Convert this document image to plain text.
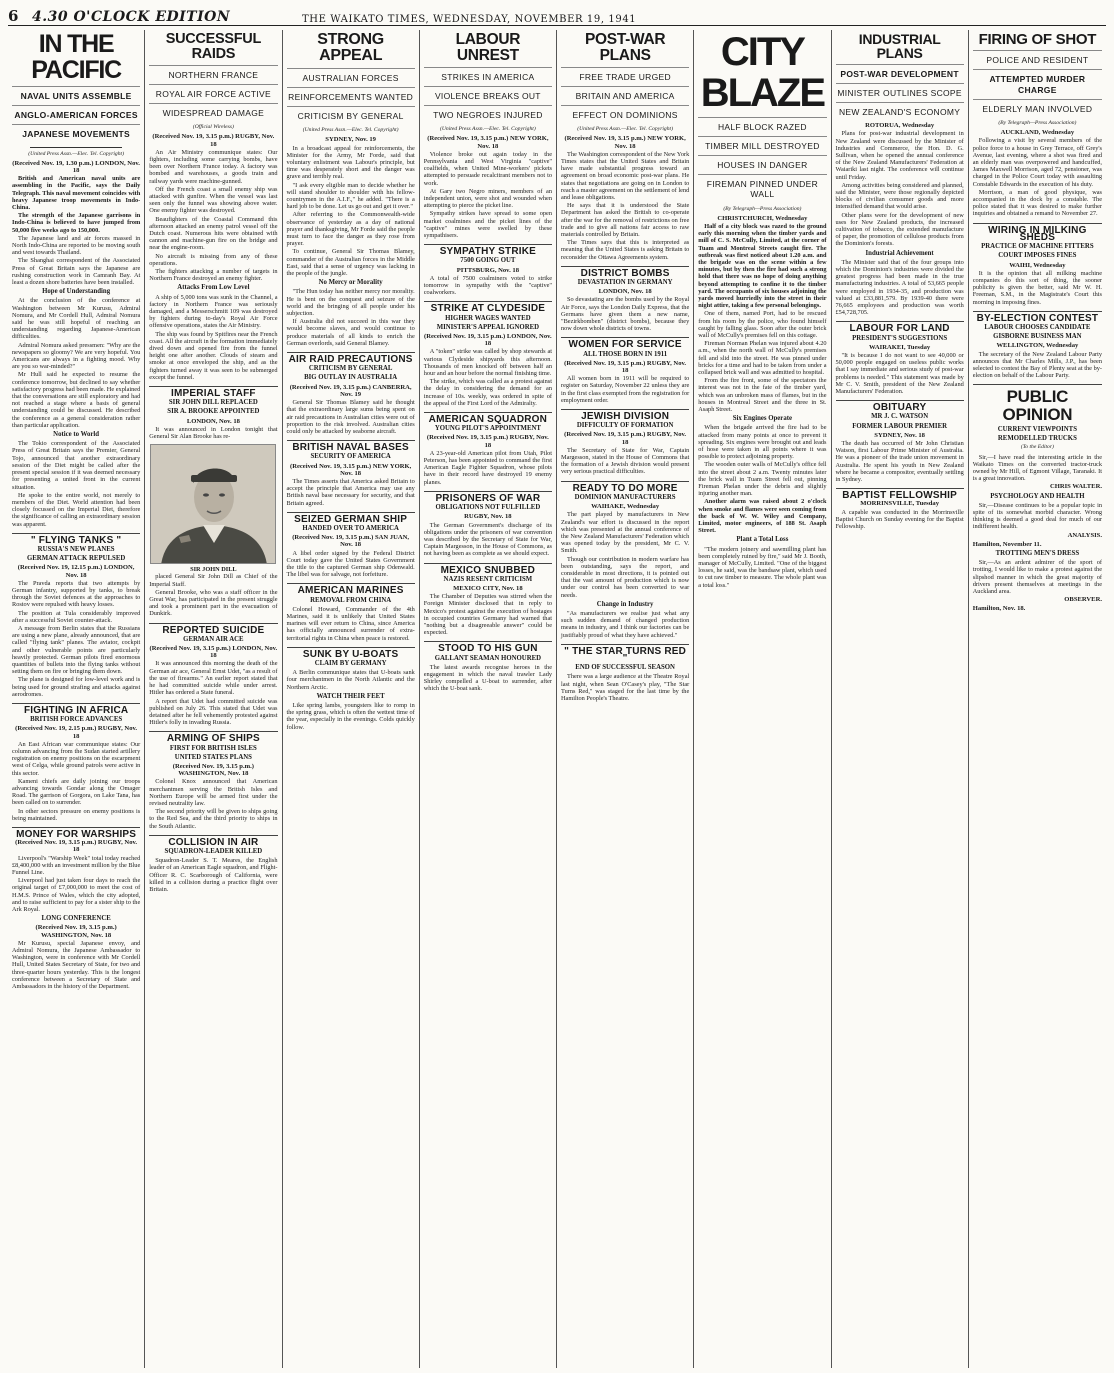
6 4.30 O'CLOCK EDITION	THE WAIKATO TIMES, WEDNESDAY, NOVEMBER 19, 1941
IN THE PACIFIC
NAVAL UNITS ASSEMBLE
ANGLO-AMERICAN FORCES
JAPANESE MOVEMENTS
(United Press Assn.—Elec. Tel. Copyright)
(Received Nov. 19, 1.30 p.m.) LONDON, Nov. 18
British and American naval units are assembling in the Pacific, says the Daily Telegraph. This naval movement coincides with heavy Japanese troop movements in Indo-China.
The strength of the Japanese garrisons in Indo-China is believed to have jumped from 50,000 five weeks ago to 150,000.
The Japanese land and air forces massed in North Indo-China are reported to be moving south and west towards Thailand.
The Shanghai correspondent of the Associated Press of Great Britain says the Japanese are rushing construction work in Camranh Bay. At least a dozen shore batteries have been installed.
Hope of Understanding
At the conclusion of the conference at Washington between Mr Kurusu, Admiral Nomura, and Mr Cordell Hull, Admiral Nomura said he was still hopeful of reaching an understanding regarding Japanese-American difficulties.
Admiral Nomura asked pressmen: "Why are the newspapers so gloomy? We are very hopeful. You Americans are always in a fighting mood. Why are you so war-minded?"
Mr Hull said he expected to resume the conference tomorrow, but declined to say whether satisfactory progress had been made. He explained that the conversations are still exploratory and had not reached a stage where a basis of general understanding could be discussed. He described the conference as a general consideration rather than particular application.
Notice to World
The Tokio correspondent of the Associated Press of Great Britain says the Premier, General Tojo, announced that another extraordinary session of the Diet might be called after the present special session if it was deemed necessary for presenting a united front in the current situation.
He spoke to the entire world, not merely to members of the Diet. World attention had been closely focussed on the Imperial Diet, therefore the significance of calling an extraordinary session was apparent.
" FLYING TANKS "
RUSSIA'S NEW PLANES
GERMAN ATTACK REPULSED
(Received Nov. 19, 12.15 p.m.) LONDON, Nov. 18
The Pravda reports that two attempts by German infantry, supported by tanks, to break through the Soviet defences at the approaches to Rostov were repulsed with heavy losses.
The position at Tula considerably improved after a successful Soviet counter-attack.
A message from Berlin states that the Russians are using a new plane, already announced, that are called "flying tank" planes. The aviator, cockpit and other vulnerable points are particularly heavily protected. German pilots fired enormous quantities of bullets into the flying tanks without setting them on fire or bringing them down.
The plane is designed for low-level work and is being used for ground strafing and attacks against aerodromes.
FIGHTING IN AFRICA
BRITISH FORCE ADVANCES
(Received Nov. 19, 2.15 p.m.) RUGBY, Nov. 18
An East African war communique states: Our column advancing from the Sudan started artillery registration on enemy positions on the escarpment west of Celga, while ground patrols were active in this sector.
Kameni chiefs are daily joining our troops advancing towards Gondar along the Omager Road. The garrison of Gorgora, on Lake Tana, has been called on to surrender.
In other sectors pressure on enemy positions is being maintained.
MONEY FOR WARSHIPS
(Received Nov. 19, 3.15 p.m.) RUGBY, Nov. 18
Liverpool's "Warship Week" total today reached £8,400,000 with an investment million by the Blue Funnel Line.
Liverpool had just taken four days to reach the original target of £7,000,000 to meet the cost of H.M.S. Prince of Wales, which the city adopted, and to raise sufficient to pay for a sister ship to the Ark Royal.
LONG CONFERENCE
(Received Nov. 19, 3.15 p.m.) WASHINGTON, Nov. 18
Mr Kurusu, special Japanese envoy, and Admiral Nomura, the Japanese Ambassador to Washington, were in conference with Mr Cordell Hull, United States Secretary of State, for two and three-quarter hours yesterday. This is the longest conference between a Secretary of State and Ambassadors in the history of the Department.
SUCCESSFUL RAIDS
NORTHERN FRANCE
ROYAL AIR FORCE ACTIVE
WIDESPREAD DAMAGE
(Official Wireless)
(Received Nov. 19, 3.15 p.m.) RUGBY, Nov. 18
An Air Ministry communique states: Our fighters, including some carrying bombs, have been over Northern France today. A factory was bombed and warehouses, a goods train and railway yards were machine-gunned.
Off the French coast a small enemy ship was attacked with gunfire. When the vessel was last seen only the funnel was showing above water. One enemy fighter was destroyed.
Beaufighters of the Coastal Command this afternoon attacked an enemy patrol vessel off the Dutch coast. Numerous hits were obtained with cannon and machine-gun fire on the bridge and near the engine-room.
No aircraft is missing from any of these operations.
The fighters attacking a number of targets in Northern France destroyed an enemy fighter.
Attacks From Low Level
A ship of 5,000 tons was sunk in the Channel, a factory in Northern France was seriously damaged, and a Messerschmitt 109 was destroyed by fighters during to-day's Royal Air Force offensive operations, states the Air Ministry.
The ship was found by Spitfires near the French coast. All the aircraft in the formation immediately dived down and opened fire from the funnel height one after another. Clouds of steam and smoke at once enveloped the ship, and as the fighters turned away it was seen to be submerged except the funnel.
IMPERIAL STAFF
SIR JOHN DILL REPLACED
SIR A. BROOKE APPOINTED
LONDON, Nov. 18
It was announced in London tonight that General Sir Alan Brooke has re-
SIR JOHN DILL
placed General Sir John Dill as Chief of the Imperial Staff.
General Brooke, who was a staff officer in the Great War, has participated in the present struggle and took a prominent part in the evacuation of Dunkirk.
REPORTED SUICIDE
GERMAN AIR ACE
(Received Nov. 19, 3.15 p.m.) LONDON, Nov. 18
It was announced this morning the death of the German air ace, General Ernst Udet, "as a result of the use of firearms." An earlier report stated that he had committed suicide while under arrest. Hitler has ordered a State funeral.
A report that Udet had committed suicide was published on July 26. This stated that Udet was detained after he fell vehemently protested against Hitler's folly in invading Russia.
ARMING OF SHIPS
FIRST FOR BRITISH ISLES
UNITED STATES PLANS
(Received Nov. 19, 3.15 p.m.) WASHINGTON, Nov. 18
Colonel Knox announced that American merchantmen serving the British Isles and Northern Europe will be armed first under the revised neutrality law.
The second priority will be given to ships going to the Red Sea, and the third priority to ships in the South Atlantic.
COLLISION IN AIR
SQUADRON-LEADER KILLED
Squadron-Leader S. T. Meares, the English leader of an American Eagle squadron, and Flight-Officer R. C. Scarborough of California, were killed in a collision during a practice flight over Britain.
STRONG APPEAL
AUSTRALIAN FORCES
REINFORCEMENTS WANTED
CRITICISM BY GENERAL
(United Press Assn.—Elec. Tel. Copyright)
SYDNEY, Nov. 19
In a broadcast appeal for reinforcements, the Minister for the Army, Mr Forde, said that voluntary enlistment was Labour's principle, but time was desperately short and the danger was grave and terribly real.
"I ask every eligible man to decide whether he will stand shoulder to shoulder with his fellow-countrymen in the A.I.F.," he added. "There is a hard job to be done. Let us go out and get it over."
After referring to the Commonwealth-wide observance of yesterday as a day of national prayer and thanksgiving, Mr Forde said the people must turn to face the danger as they rose from prayer.
To continue, General Sir Thomas Blamey, commander of the Australian forces in the Middle East, said that a sense of urgency was lacking in the people of the jungle.
No Mercy or Morality
"The Hun today has neither mercy nor morality. He is bent on the conquest and seizure of the world and the bringing of all people under his subjection.
If Australia did not succeed in this war they would become slaves, and would continue to produce materials of all kinds to enrich the German overlords, said General Blamey.
AIR RAID PRECAUTIONS
CRITICISM BY GENERAL
BIG OUTLAY IN AUSTRALIA
(Received Nov. 19, 3.15 p.m.) CANBERRA, Nov. 19
General Sir Thomas Blamey said he thought that the extraordinary large sums being spent on air raid precautions in Australian cities were out of proportion to the risk involved. Australian cities could only be attacked by seaborne aircraft.
BRITISH NAVAL BASES
SECURITY OF AMERICA
(Received Nov. 19, 3.15 p.m.) NEW YORK, Nov. 18
The Times asserts that America asked Britain to accept the principle that America may use any British naval base necessary for security, and that Britain agreed.
SEIZED GERMAN SHIP
HANDED OVER TO AMERICA
(Received Nov. 19, 3.15 p.m.) SAN JUAN, Nov. 18
A libel order signed by the Federal District Court today gave the United States Government the title to the captured German ship Odenwald. The libel was for salvage, not forfeiture.
AMERICAN MARINES
REMOVAL FROM CHINA
Colonel Howard, Commander of the 4th Marines, said it is unlikely that United States marines will ever return to China, since America has officially announced surrender of extra-territorial rights in China when peace is restored.
SUNK BY U-BOATS
CLAIM BY GERMANY
A Berlin communique states that U-boats sank four merchantmen in the North Atlantic and the Northern Arctic.
WATCH THEIR FEET
Like spring lambs, youngsters like to romp in the spring grass, which is often the wettest time of the year, especially in the evenings. Colds quickly follow.
LABOUR UNREST
STRIKES IN AMERICA
VIOLENCE BREAKS OUT
TWO NEGROES INJURED
(United Press Assn.—Elec. Tel. Copyright)
(Received Nov. 19, 3.15 p.m.) NEW YORK, Nov. 18
Violence broke out again today in the Pennsylvania and West Virginia "captive" coalfields, when United Mine-workers' pickets attempted to persuade recalcitrant members not to work.
At Gary two Negro miners, members of an independent union, were shot and wounded when attempting to pierce the picket line.
Sympathy strikes have spread to some open market coalmines and the picket lines of the "captive" mines were swelled by these sympathisers.
SYMPATHY STRIKE
7500 GOING OUT
PITTSBURG, Nov. 18
A total of 7500 coalminers voted to strike tomorrow in sympathy with the "captive" coalworkers.
STRIKE AT CLYDESIDE
HIGHER WAGES WANTED
MINISTER'S APPEAL IGNORED
(Received Nov. 19, 3.15 p.m.) LONDON, Nov. 18
A "token" strike was called by shop stewards at various Clydeside shipyards this afternoon. Thousands of men knocked off between half an hour and an hour before the normal finishing time.
The strike, which was called as a protest against the delay in considering the demand for an increase of 10s. weekly, was ordered in spite of the appeal of the First Lord of the Admiralty.
AMERICAN SQUADRON
YOUNG PILOT'S APPOINTMENT
(Received Nov. 19, 3.15 p.m.) RUGBY, Nov. 18
A 23-year-old American pilot from Utah, Pilot Peterson, has been appointed to command the first American Eagle Fighter Squadron, whose pilots have in their record have destroyed 19 enemy planes.
PRISONERS OF WAR
OBLIGATIONS NOT FULFILLED
RUGBY, Nov. 18
The German Government's discharge of its obligations under the prisoners of war convention was described by the Secretary of State for War, Captain Margesson, in the House of Commons, as not having been as complete as we should expect.
MEXICO SNUBBED
NAZIS RESENT CRITICISM
MEXICO CITY, Nov. 18
The Chamber of Deputies was stirred when the Foreign Minister disclosed that in reply to Mexico's protest against the execution of hostages in occupied countries Germany had warned that "nothing but a disagreeable answer" could be expected.
STOOD TO HIS GUN
GALLANT SEAMAN HONOURED
The latest awards recognise heroes in the engagement in which the naval trawler Lady Shirley compelled a U-boat to surrender, after which the U-boat sank.
POST-WAR PLANS
FREE TRADE URGED
BRITAIN AND AMERICA
EFFECT ON DOMINIONS
(United Press Assn.—Elec. Tel. Copyright)
(Received Nov. 19, 3.15 p.m.) NEW YORK, Nov. 18
The Washington correspondent of the New York Times states that the United States and Britain have made substantial progress toward an agreement on broad economic post-war plans. He states that negotiations are going on in London to reach a master agreement on the settlement of lend and lease obligations.
He says that it is understood the State Department has asked the British to co-operate after the war for the removal of restrictions on free trade and to give all nations fair access to raw materials controlled by Britain.
The Times says that this is interpreted as meaning that the United States is asking Britain to reconsider the Ottawa Agreements system.
DISTRICT BOMBS
DEVASTATION IN GERMANY
LONDON, Nov. 18
So devastating are the bombs used by the Royal Air Force, says the London Daily Express, that the Germans have given them a new name, "Bezirkbomben" (district bombs), because they now down whole districts of towns.
WOMEN FOR SERVICE
ALL THOSE BORN IN 1911
(Received Nov. 19, 3.15 p.m.) RUGBY, Nov. 18
All women born in 1911 will be required to register on Saturday, November 22 unless they are in the first class exempted from the registration for employment order.
JEWISH DIVISION
DIFFICULTY OF FORMATION
(Received Nov. 19, 3.15 p.m.) RUGBY, Nov. 18
The Secretary of State for War, Captain Margesson, stated in the House of Commons that the formation of a Jewish division would present very serious practical difficulties.
READY TO DO MORE
DOMINION MANUFACTURERS
WAIHAKE, Wednesday
The part played by manufacturers in New Zealand's war effort is discussed in the report which was presented at the annual conference of the New Zealand Manufacturers' Federation which was opened today by the president, Mr C. V. Smith.
Though our contribution in modern warfare has been outstanding, says the report, and considerable in most directions, it is pointed out that the vast amount of production which is now under our control has been converted to war needs.
Change in Industry
"As manufacturers we realise just what any such sudden demand of changed production means in industry, and I think our factories can be justifiably proud of what they have achieved."
" THE STAR TURNS RED "
END OF SUCCESSFUL SEASON
There was a large audience at the Theatre Royal last night, when Sean O'Casey's play, "The Star Turns Red," was staged for the last time by the Hamilton People's Theatre.
CITY BLAZE
HALF BLOCK RAZED
TIMBER MILL DESTROYED
HOUSES IN DANGER
FIREMAN PINNED UNDER WALL
(By Telegraph—Press Association)
CHRISTCHURCH, Wednesday
Half of a city block was razed to the ground early this morning when the timber yards and mill of C. S. McCully, Limited, at the corner of Tuam and Montreal Streets caught fire. The outbreak was first noticed about 1.20 a.m. and the brigade was on the scene within a few minutes, but by then the fire had such a strong hold that there was no hope of doing anything beyond attempting to confine it to the timber yard. The occupants of six houses adjoining the yards moved hurriedly into the street in their night attire, taking a few personal belongings.
One of them, named Port, had to be rescued from his room by the police, who found himself caught by falling glass. Soon after the outer brick wall of McCully's premises fell on this cottage.
Fireman Norman Phelan was injured about 4.20 a.m., when the north wall of McCully's premises fell and slid into the street. He was pinned under bricks for a time and had to be taken from under a collapsed brick wall and was admitted to hospital.
From the fire front, some of the spectators the interest was not in the fate of the timber yard, which was an unbroken mass of flames, but in the houses in Montreal Street and the three in St. Asaph Street.
Six Engines Operate
When the brigade arrived the fire had to be attacked from many points at once to prevent it spreading. Six engines were brought out and leads of hose were taken in all points where it was possible to protect adjoining property.
The wooden outer walls of McCully's office fell into the street about 2 a.m. Twenty minutes later the brick wall in Tuam Street fell out, pinning Fireman Phelan under the debris and slightly injuring another man.
Another alarm was raised about 2 o'clock when smoke and flames were seen coming from the back of W. W. Wiley and Company, Limited, motor engineers, of 188 St. Asaph Street.
Plant a Total Loss
"The modern joinery and sawmilling plant has been completely ruined by fire," said Mr J. Booth, manager of McCully, Limited. "One of the biggest losses, he said, was the bandsaw plant, which used to cut raw timber to measure. The whole plant was a total loss."
INDUSTRIAL PLANS
POST-WAR DEVELOPMENT
MINISTER OUTLINES SCOPE
NEW ZEALAND'S ECONOMY
ROTORUA, Wednesday
Plans for post-war industrial development in New Zealand were discussed by the Minister of Industries and Commerce, the Hon. D. G. Sullivan, when he opened the annual conference of the New Zealand Manufacturers' Federation at Waiariki last night. The conference will continue until Friday.
Among activities being considered and planned, said the Minister, were those regionally depicted blocks of civilian consumer goods and more intensified demand that would arise.
Other plans were for the development of new uses for New Zealand products, the increased cultivation of tobacco, the extended manufacture of paper, the promotion of cellulose products from the Dominion's forests.
Industrial Achievement
The Minister said that of the four groups into which the Dominion's industries were divided the greatest progress had been made in the true manufacturing industries. A total of 53,665 people were employed in 1934-35, and production was valued at £33,881,579. By 1939-40 there were 76,665 employees and production was worth £54,728,705.
LABOUR FOR LAND
PRESIDENT'S SUGGESTIONS
WAIRAKEI, Tuesday
"It is because I do not want to see 40,000 or 50,000 people engaged on useless public works that I say immediate and serious study of post-war problems is needed." This statement was made by Mr C. V. Smith, president of the New Zealand Manufacturers' Federation.
OBITUARY
MR J. C. WATSON
FORMER LABOUR PREMIER
SYDNEY, Nov. 18
The death has occurred of Mr John Christian Watson, first Labour Prime Minister of Australia. He was a pioneer of the trade union movement in Australia. He spent his youth in New Zealand where he became a compositor, eventually settling in Sydney.
BAPTIST FELLOWSHIP
MORRINSVILLE, Tuesday
A capable was conducted in the Morrinsville Baptist Church on Sunday evening for the Baptist Fellowship.
FIRING OF SHOT
POLICE AND RESIDENT
ATTEMPTED MURDER CHARGE
ELDERLY MAN INVOLVED
(By Telegraph—Press Association)
AUCKLAND, Wednesday
Following a visit by several members of the police force to a house in Grey Terrace, off Grey's Avenue, last evening, where a shot was fired and an elderly man was overpowered and handcuffed, James Maxwell Morrison, aged 72, pensioner, was charged in the Police Court today with assaulting Constable Edwards in the execution of his duty.
Morrison, a man of good physique, was accompanied in the dock by a constable. The police stated that it was desired to make further inquiries and obtained a remand to November 27.
WIRING IN MILKING SHEDS
PRACTICE OF MACHINE FITTERS
COURT IMPOSES FINES
WAIHI, Wednesday
It is the opinion that all milking machine companies do this sort of thing, the sooner publicity is given the better, said Mr W. H. Freeman, S.M., in the Magistrate's Court this morning in imposing fines.
BY-ELECTION CONTEST
LABOUR CHOOSES CANDIDATE
GISBORNE BUSINESS MAN
WELLINGTON, Wednesday
The secretary of the New Zealand Labour Party announces that Mr Charles Mills, J.P., has been selected to contest the Bay of Plenty seat at the by-election on behalf of the Labour Party.
PUBLIC OPINION
CURRENT VIEWPOINTS
REMODELLED TRUCKS
(To the Editor)
Sir,—I have read the interesting article in the Waikato Times on the converted tractor-truck owned by Mr Hill, of Egmont Village, Taranaki. It is a great innovation.
CHRIS WALTER.
PSYCHOLOGY AND HEALTH
Sir,—Disease continues to be a popular topic in spite of its somewhat morbid character. Wrong thinking is deemed a good deal for much of our indifferent health.
ANALYSIS.
Hamilton, November 11.
TROTTING MEN'S DRESS
Sir,—As an ardent admirer of the sport of trotting, I would like to make a protest against the slipshod manner in which the great majority of drivers present themselves at meetings in the Auckland area.
OBSERVER.
Hamilton, Nov. 18.
